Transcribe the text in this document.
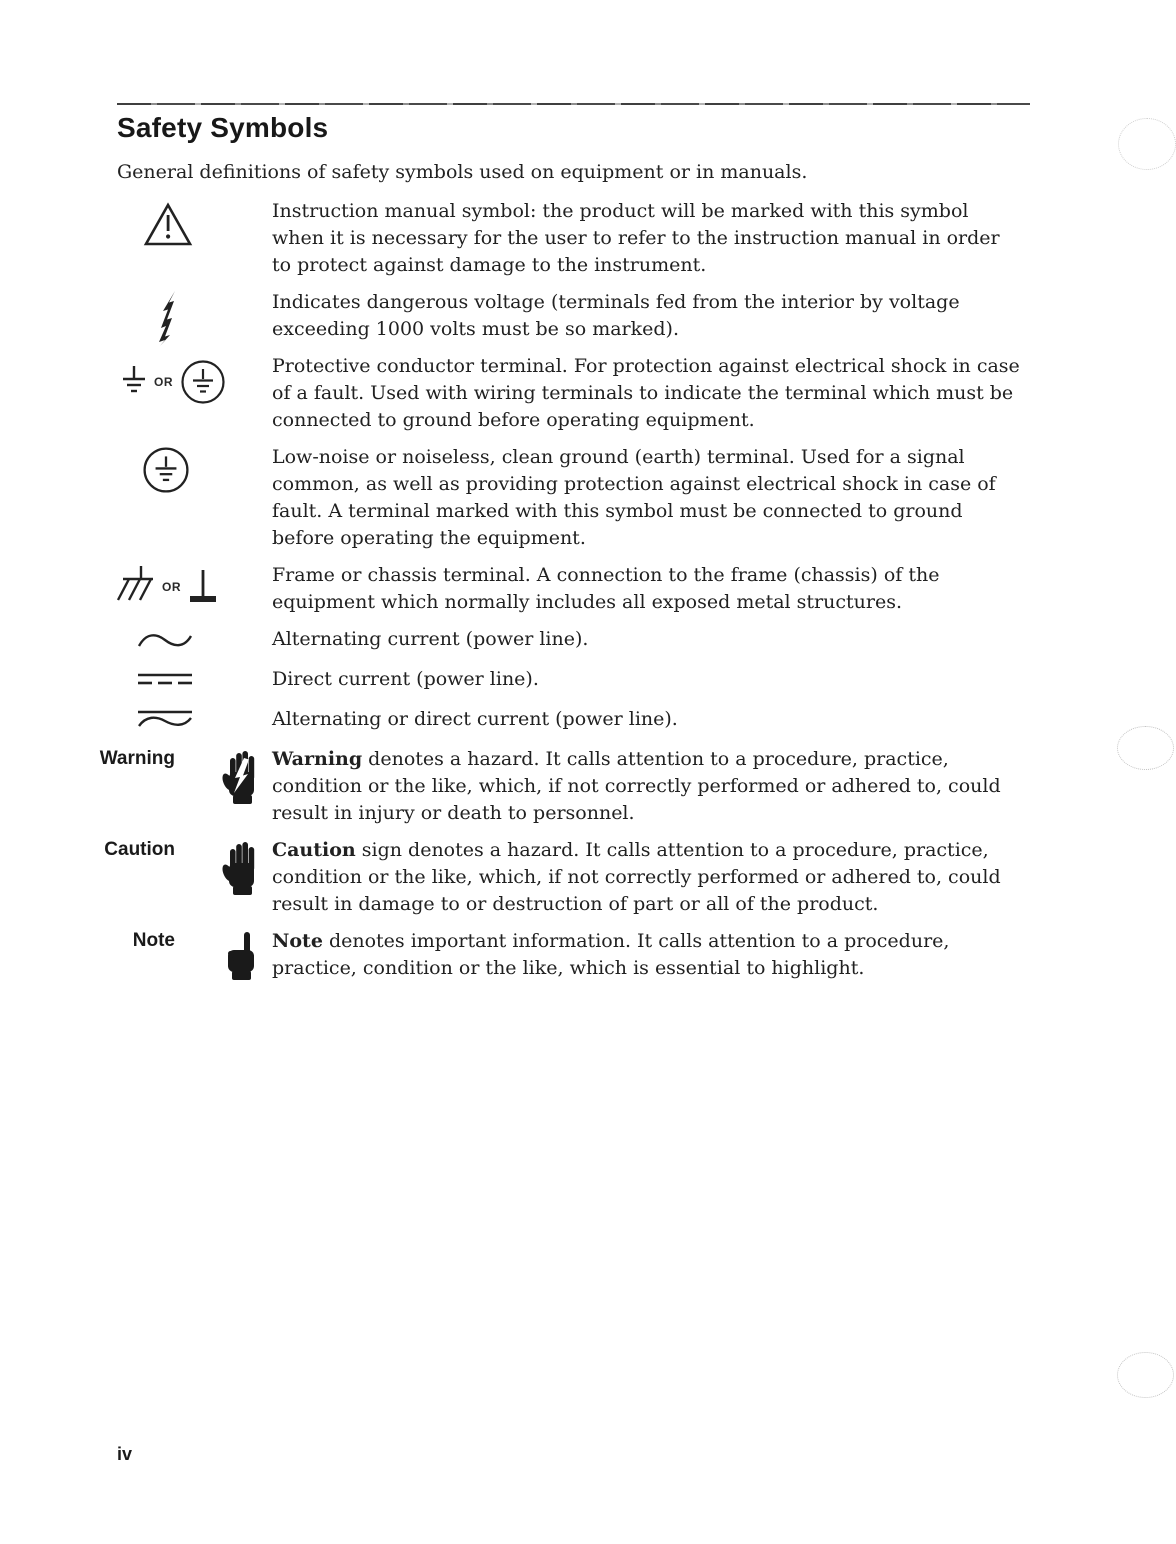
Safety Symbols

General definitions of safety symbols used on equipment or in manuals.

Instruction manual symbol: the product will be marked with this symbol when it is necessary for the user to refer to the instruction manual in order to protect against damage to the instrument.
Indicates dangerous voltage (terminals fed from the interior by voltage exceeding 1000 volts must be so marked).
OR
Protective conductor terminal. For protection against electrical shock in case of a fault. Used with wiring terminals to indicate the terminal which must be connected to ground before operating equipment.
Low-noise or noiseless, clean ground (earth) terminal. Used for a signal common, as well as providing protection against electrical shock in case of fault. A terminal marked with this symbol must be connected to ground before operating the equipment.
OR
Frame or chassis terminal. A connection to the frame (chassis) of the equipment which normally includes all exposed metal structures.
Alternating current (power line).
Direct current (power line).
Alternating or direct current (power line).
Warning	Warning denotes a hazard. It calls attention to a procedure, practice, condition or the like, which, if not correctly performed or adhered to, could result in injury or death to personnel.
Caution	Caution sign denotes a hazard. It calls attention to a procedure, practice, condition or the like, which, if not correctly performed or adhered to, could result in damage to or destruction of part or all of the product.
Note	Note denotes important information. It calls attention to a procedure, practice, condition or the like, which is essential to highlight.
iv
